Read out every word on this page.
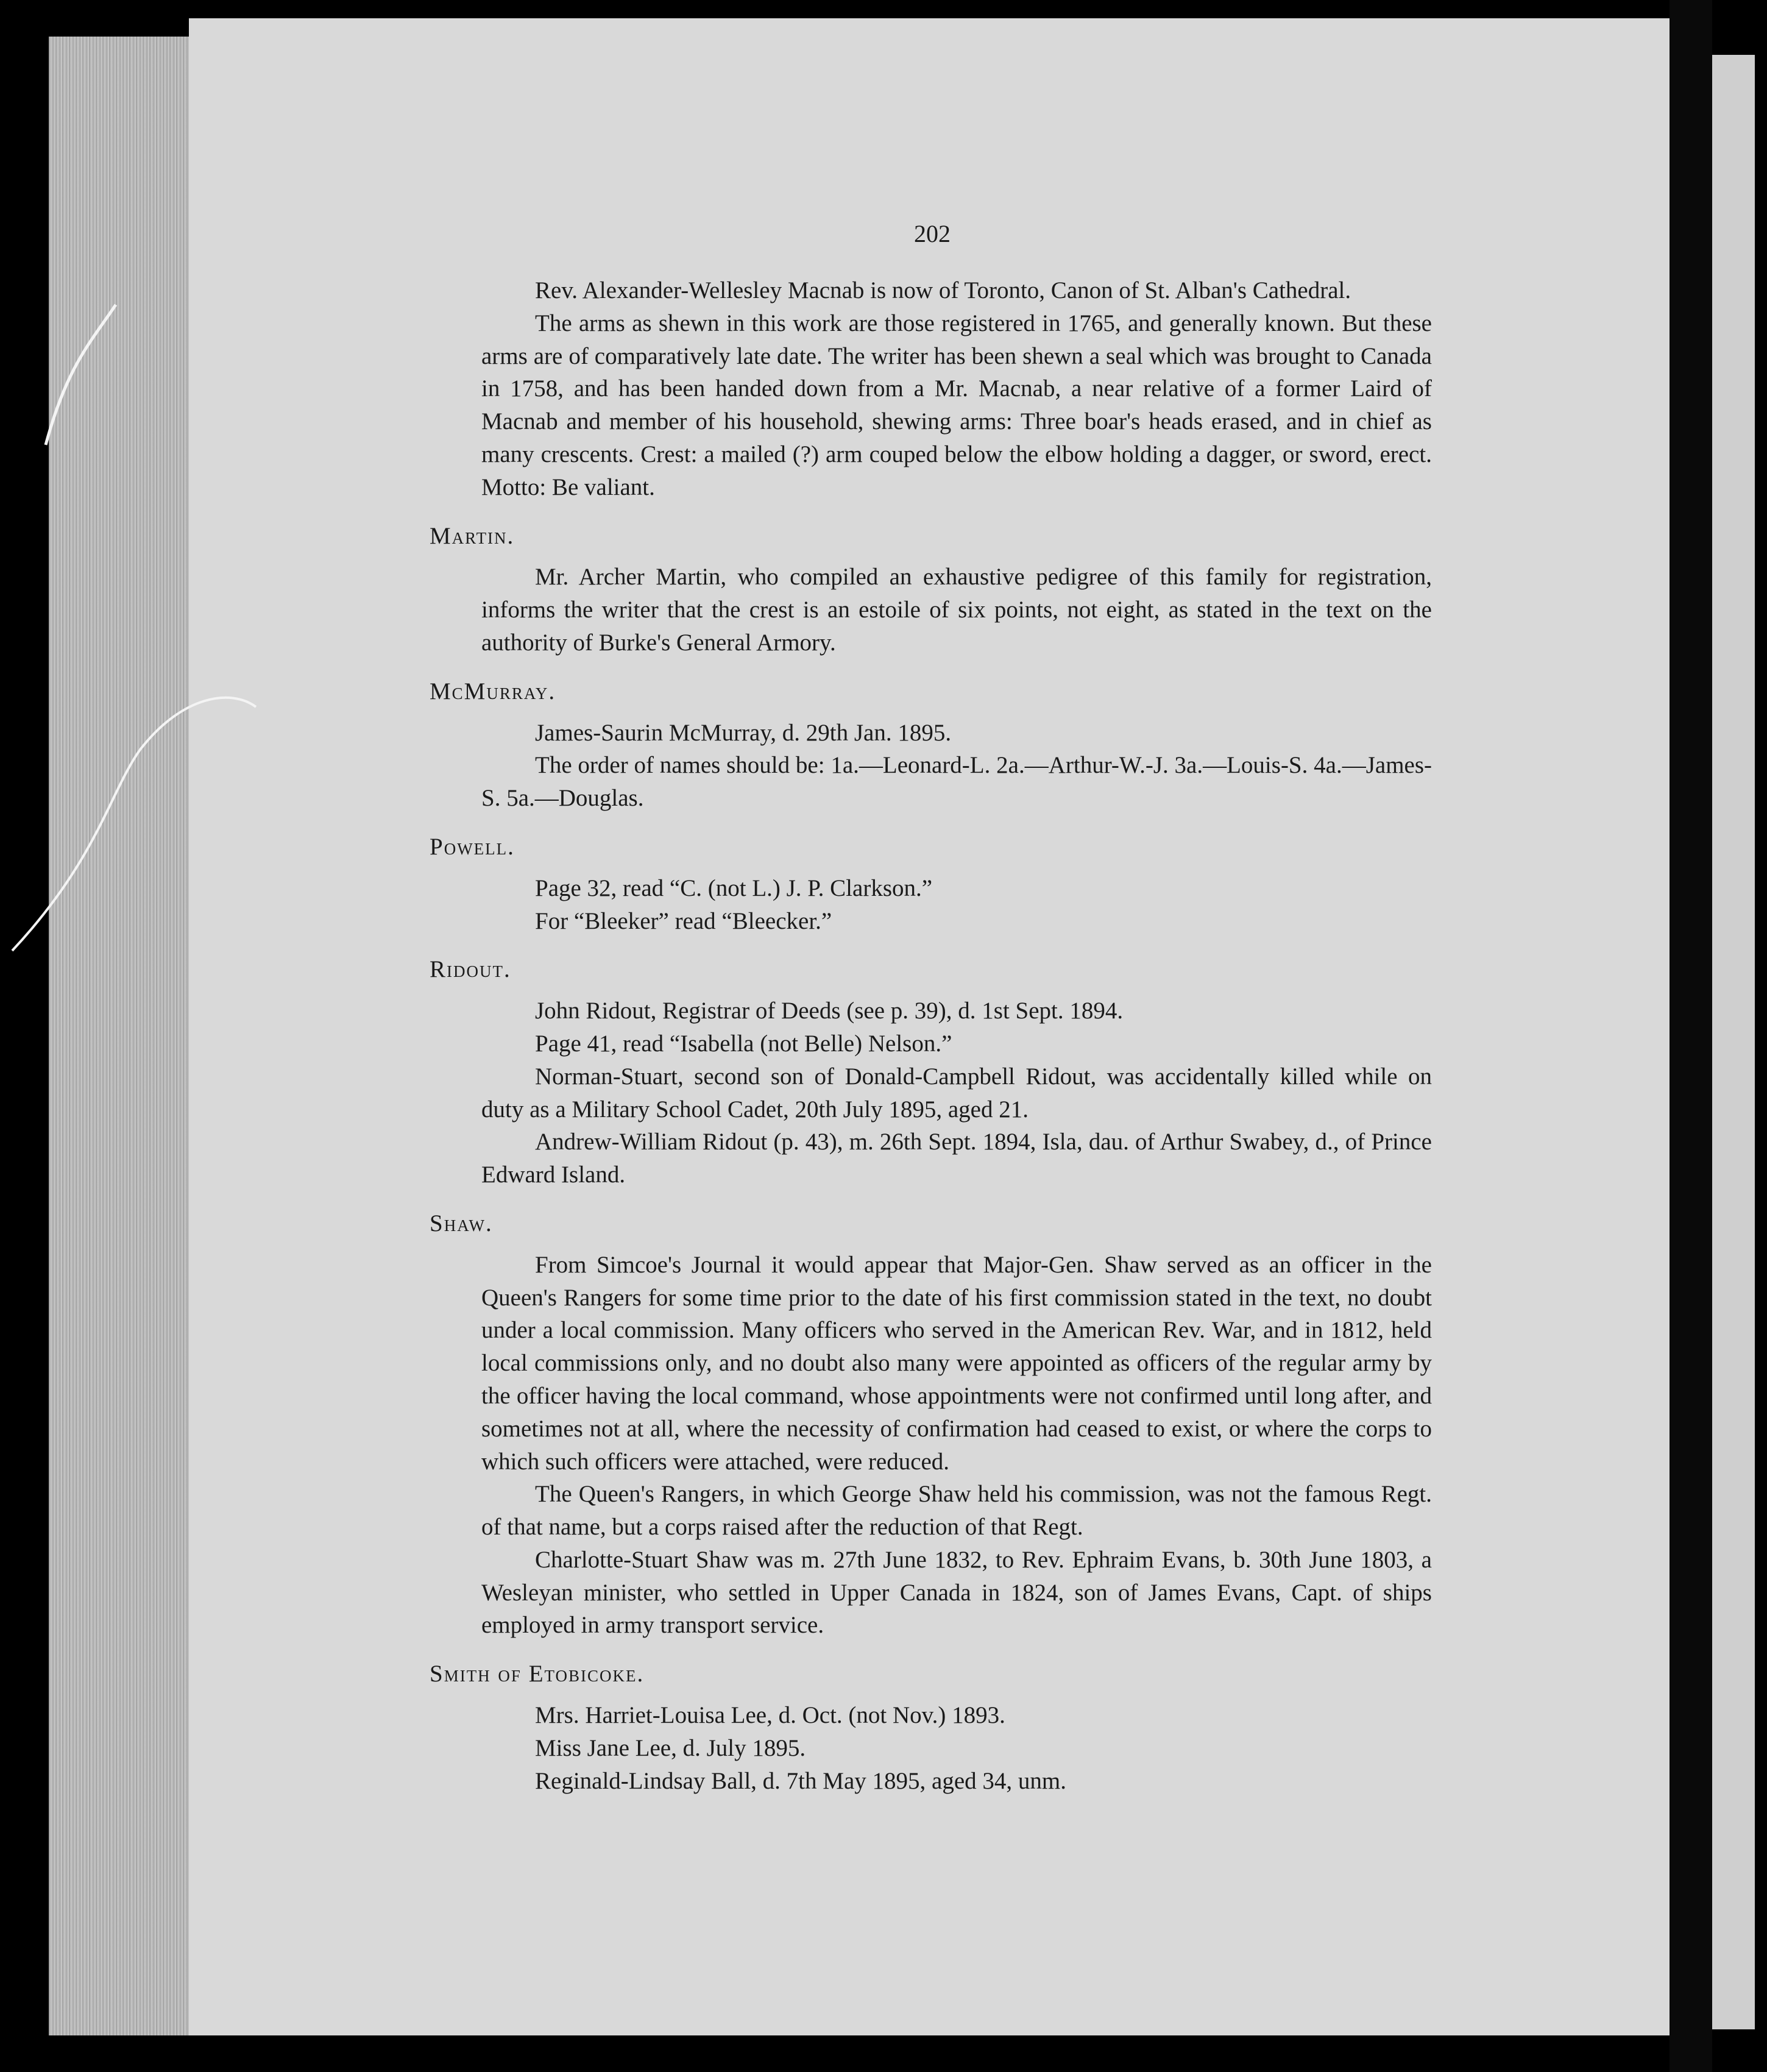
202

Rev. Alexander-Wellesley Macnab is now of Toronto, Canon of St. Alban's Cathedral.

The arms as shewn in this work are those registered in 1765, and generally known. But these arms are of comparatively late date. The writer has been shewn a seal which was brought to Canada in 1758, and has been handed down from a Mr. Macnab, a near relative of a former Laird of Macnab and member of his household, shewing arms: Three boar's heads erased, and in chief as many crescents. Crest: a mailed (?) arm couped below the elbow holding a dagger, or sword, erect. Motto: Be valiant.

Martin.

Mr. Archer Martin, who compiled an exhaustive pedigree of this family for registration, informs the writer that the crest is an estoile of six points, not eight, as stated in the text on the authority of Burke's General Armory.

McMurray.

James-Saurin McMurray, d. 29th Jan. 1895.

The order of names should be: 1a.—Leonard-L. 2a.—Arthur-W.-J. 3a.—Louis-S. 4a.—James-S. 5a.—Douglas.

Powell.

Page 32, read “C. (not L.) J. P. Clarkson.”

For “Bleeker” read “Bleecker.”

Ridout.

John Ridout, Registrar of Deeds (see p. 39), d. 1st Sept. 1894.

Page 41, read “Isabella (not Belle) Nelson.”

Norman-Stuart, second son of Donald-Campbell Ridout, was accidentally killed while on duty as a Military School Cadet, 20th July 1895, aged 21.

Andrew-William Ridout (p. 43), m. 26th Sept. 1894, Isla, dau. of Arthur Swabey, d., of Prince Edward Island.

Shaw.

From Simcoe's Journal it would appear that Major-Gen. Shaw served as an officer in the Queen's Rangers for some time prior to the date of his first commission stated in the text, no doubt under a local commission. Many officers who served in the American Rev. War, and in 1812, held local commissions only, and no doubt also many were appointed as officers of the regular army by the officer having the local command, whose appointments were not confirmed until long after, and sometimes not at all, where the necessity of confirmation had ceased to exist, or where the corps to which such officers were attached, were reduced.

The Queen's Rangers, in which George Shaw held his commission, was not the famous Regt. of that name, but a corps raised after the reduction of that Regt.

Charlotte-Stuart Shaw was m. 27th June 1832, to Rev. Ephraim Evans, b. 30th June 1803, a Wesleyan minister, who settled in Upper Canada in 1824, son of James Evans, Capt. of ships employed in army transport service.

Smith of Etobicoke.

Mrs. Harriet-Louisa Lee, d. Oct. (not Nov.) 1893.

Miss Jane Lee, d. July 1895.

Reginald-Lindsay Ball, d. 7th May 1895, aged 34, unm.
